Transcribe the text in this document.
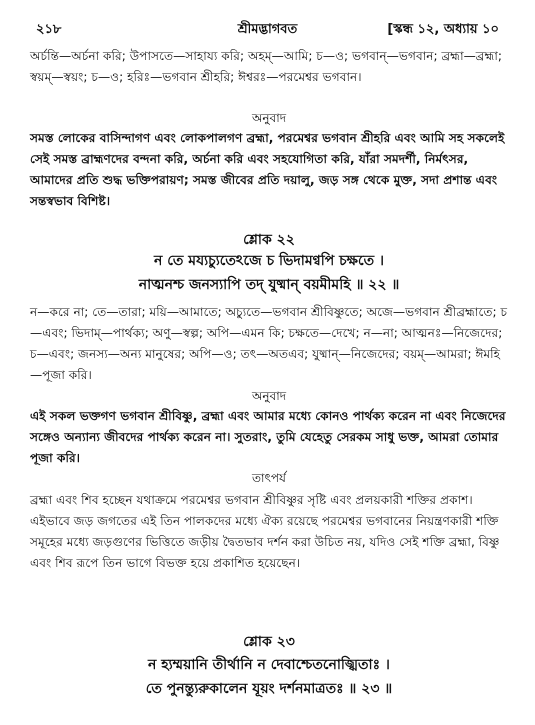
২১৮	শ্রীমদ্ভাগবত	[স্কন্ধ ১২, অধ্যায় ১০

অর্চন্তি—অর্চনা করি; উপাসতে—সাহায্য করি; অহম্—আমি; চ—ও; ভগবান্—ভগবান; ব্রহ্মা—ব্রহ্মা; স্বয়ম্—স্বয়ং; চ—ও; হরিঃ—ভগবান শ্রীহরি; ঈশ্বরঃ—পরমেশ্বর ভগবান।

অনুবাদ

সমস্ত লোকের বাসিন্দাগণ এবং লোকপালগণ ব্রহ্মা, পরমেশ্বর ভগবান শ্রীহরি এবং আমি সহ সকলেই সেই সমস্ত ব্রাহ্মণদের বন্দনা করি, অর্চনা করি এবং সহযোগিতা করি, যাঁরা সমদর্শী, নির্মৎসর, আমাদের প্রতি শুদ্ধ ভক্তিপরায়ণ; সমস্ত জীবের প্রতি দয়ালু, জড় সঙ্গ থেকে মুক্ত, সদা প্রশান্ত এবং সন্তস্বভাব বিশিষ্ট।

শ্লোক ২২
ন তে ময্যচ্যুতেঽজে চ ভিদামণ্বপি চক্ষতে ।
নাত্মনশ্চ জনস্যাপি তদ্ যুষ্মান্ বয়মীমহি ॥ ২২ ॥

ন—করে না; তে—তারা; ময়ি—আমাতে; অচ্যুতে—ভগবান শ্রীবিষ্ণুতে; অজে—ভগবান শ্রীব্রহ্মাতে; চ—এবং; ভিদাম্—পার্থক্য; অণু—স্বল্প; অপি—এমন কি; চক্ষতে—দেখে; ন—না; আত্মনঃ—নিজেদের; চ—এবং; জনস্য—অন্য মানুষের; অপি—ও; তৎ—অতএব; যুষ্মান্—নিজেদের; বয়ম্—আমরা; ঈমহি—পূজা করি।

অনুবাদ

এই সকল ভক্তগণ ভগবান শ্রীবিষ্ণু, ব্রহ্মা এবং আমার মধ্যে কোনও পার্থক্য করেন না এবং নিজেদের সঙ্গেও অন্যান্য জীবদের পার্থক্য করেন না। সুতরাং, তুমি যেহেতু সেরকম সাধু ভক্ত, আমরা তোমার পূজা করি।

তাৎপর্য

ব্রহ্মা এবং শিব হচ্ছেন যথাক্রমে পরমেশ্বর ভগবান শ্রীবিষ্ণুর সৃষ্টি এবং প্রলয়কারী শক্তির প্রকাশ। এইভাবে জড় জগতের এই তিন পালকদের মধ্যে ঐক্য রয়েছে পরমেশ্বর ভগবানের নিয়ন্ত্রণকারী শক্তি সমূহের মধ্যে জড়গুণের ভিত্তিতে জড়ীয় দ্বৈতভাব দর্শন করা উচিত নয়, যদিও সেই শক্তি ব্রহ্মা, বিষ্ণু এবং শিব রূপে তিন ভাগে বিভক্ত হয়ে প্রকাশিত হয়েছেন।

শ্লোক ২৩
ন হ্যম্ময়ানি তীর্থানি ন দেবাশ্চেতনোজ্ঝিতাঃ ।
তে পুনন্ত্যুরুকালেন যূয়ং দর্শনমাত্রতঃ ॥ ২৩ ॥
